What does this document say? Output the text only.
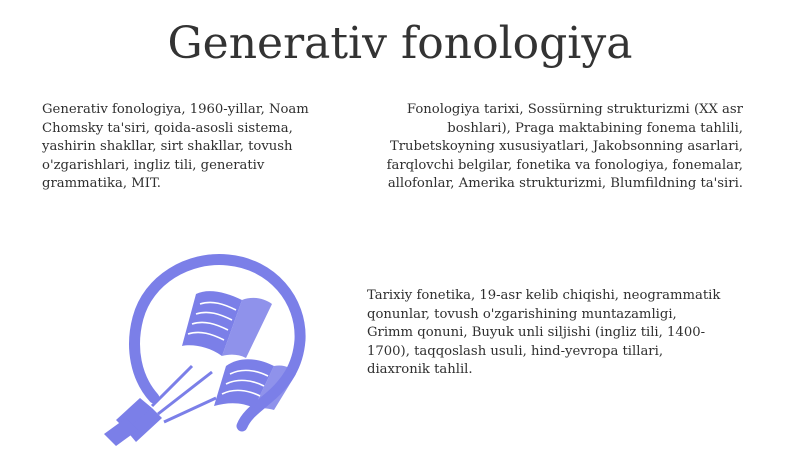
Generativ fonologiya
Generativ fonologiya, 1960-yillar, Noam Chomsky ta'siri, qoida-asosli sistema, yashirin shakllar, sirt shakllar, tovush o'zgarishlari, ingliz tili, generativ grammatika, MIT.
Fonologiya tarixi, Sossürning strukturizmi (XX asr boshlari), Praga maktabining fonema tahlili, Trubetskoyning xususiyatlari, Jakobsonning asarlari, farqlovchi belgilar, fonetika va fonologiya, fonemalar, allofonlar, Amerika strukturizmi, Blumfildning ta'siri.
Tarixiy fonetika, 19-asr kelib chiqishi, neogrammatik qonunlar, tovush o'zgarishining muntazamligi, Grimm qonuni, Buyuk unli siljishi (ingliz tili, 1400-1700), taqqoslash usuli, hind-yevropa tillari, diaxronik tahlil.
